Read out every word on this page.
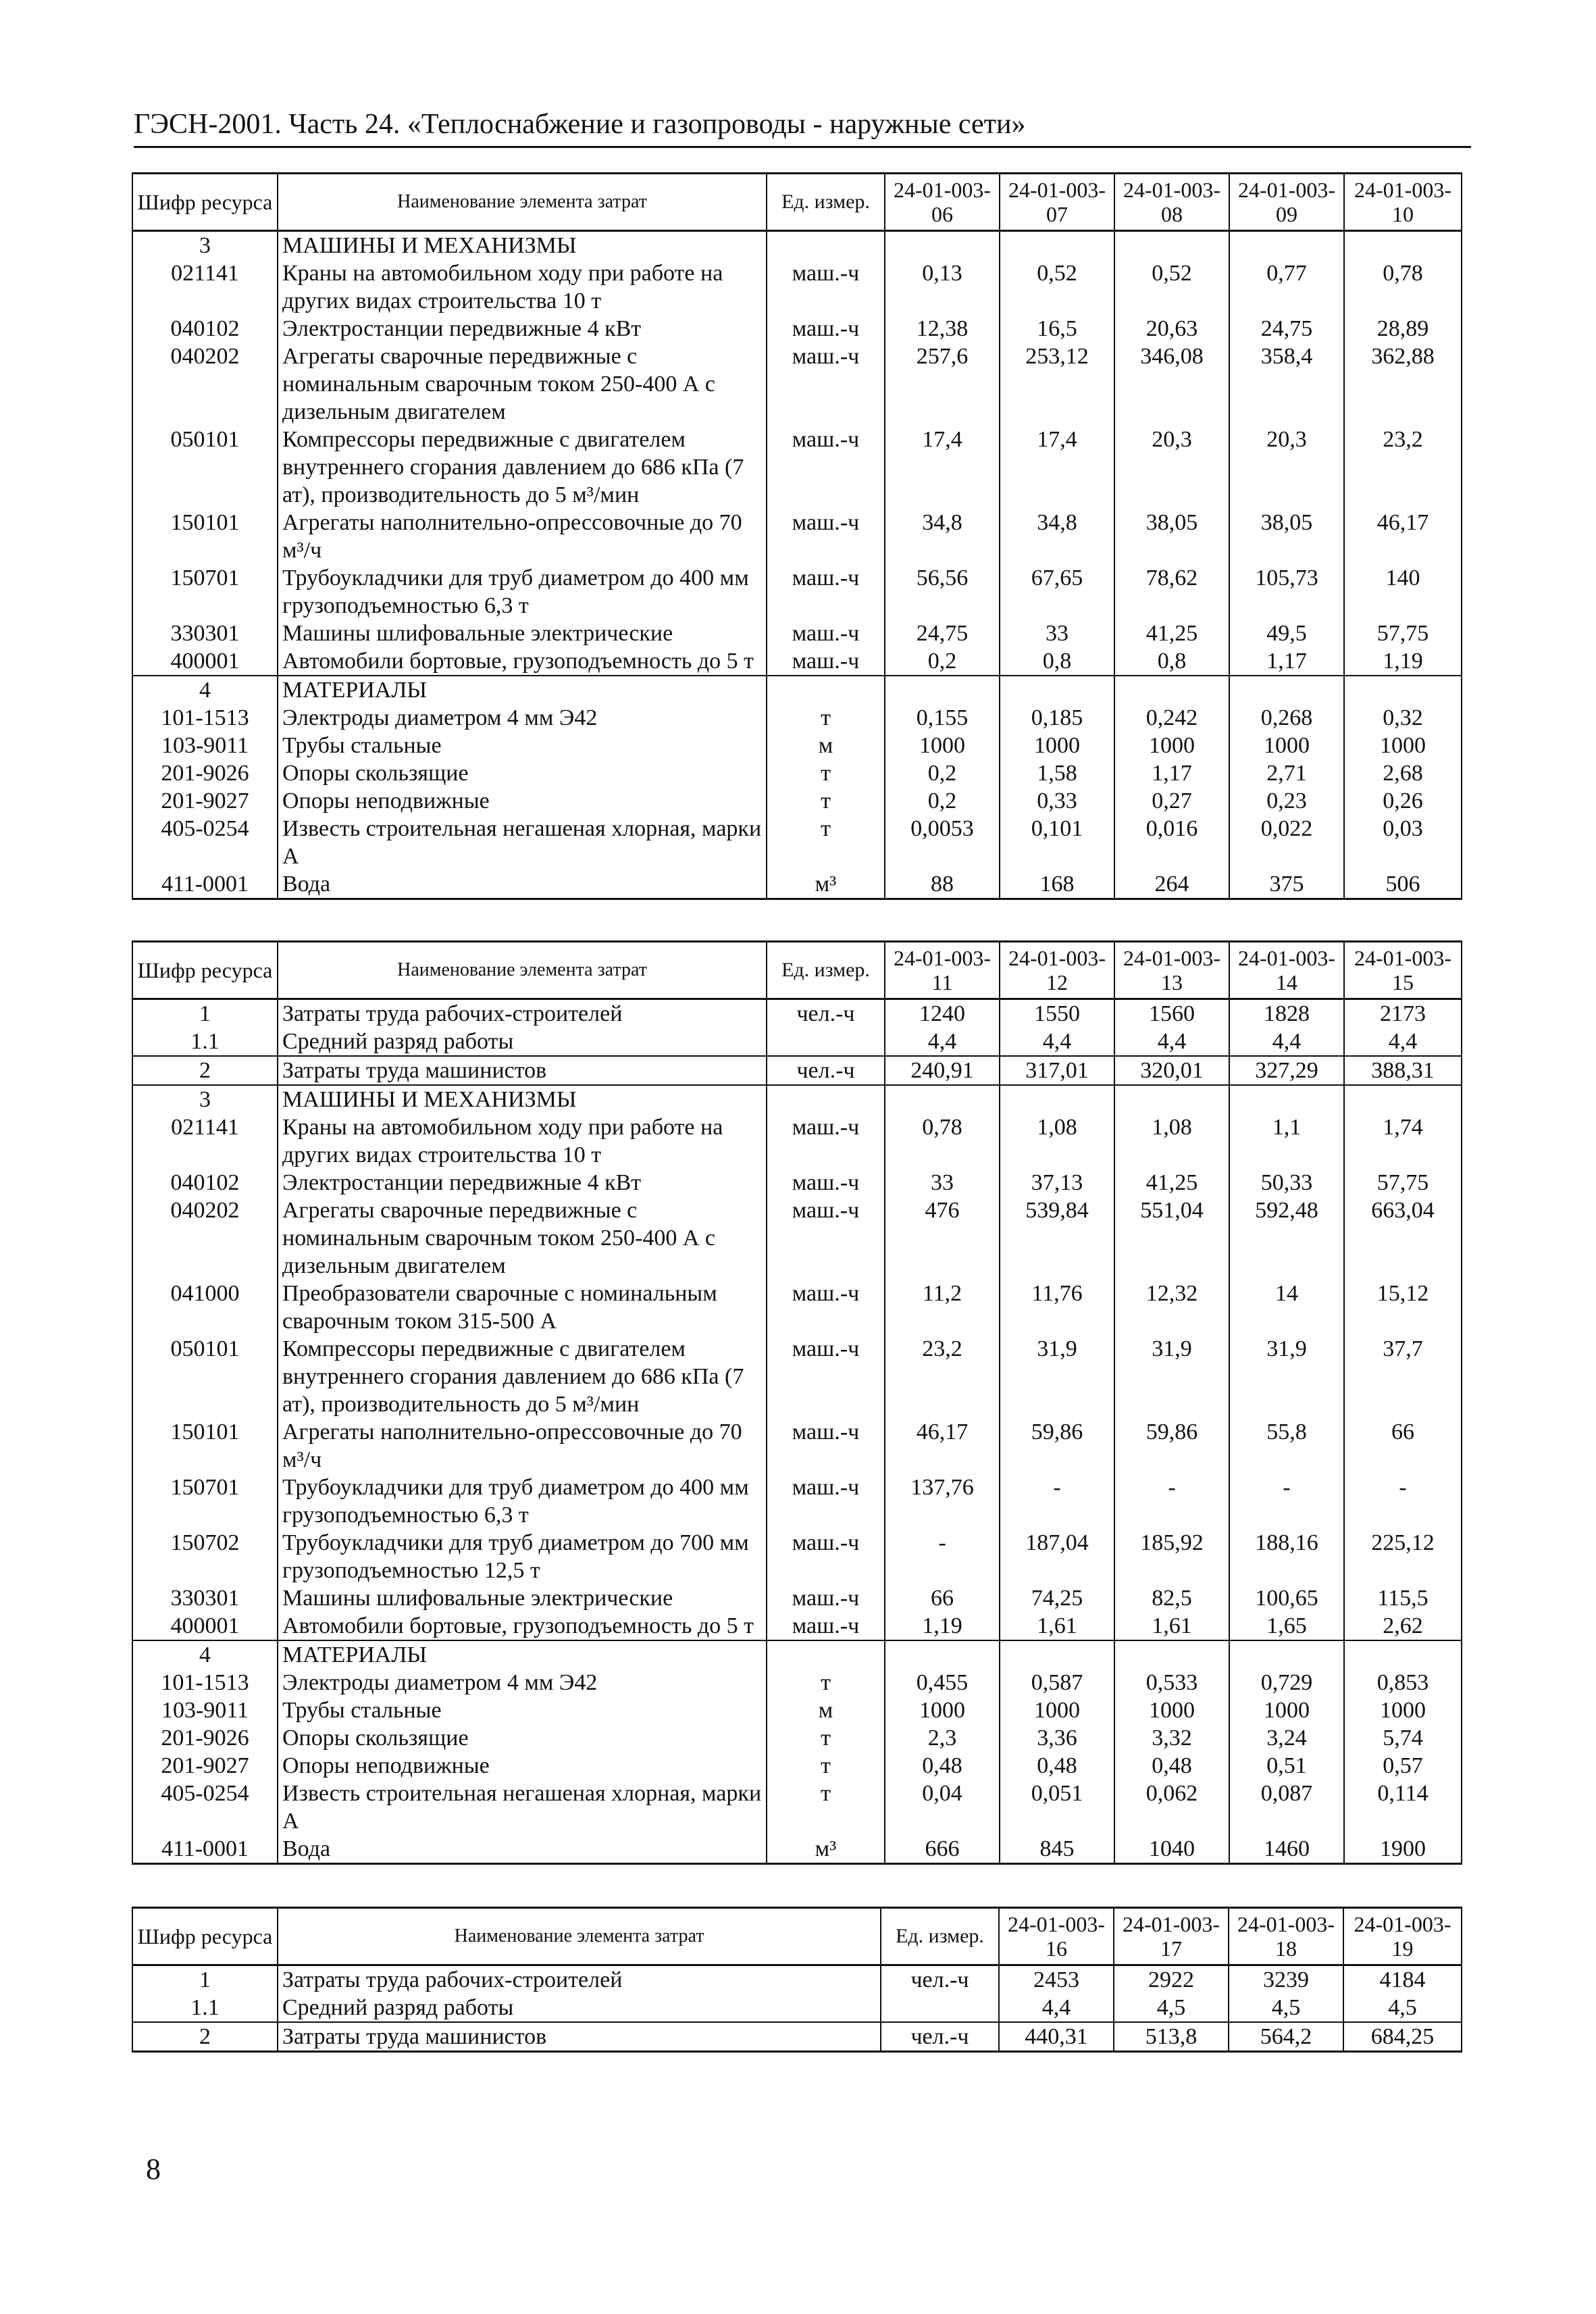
ГЭСН-2001. Часть 24. «Теплоснабжение и газопроводы - наружные сети»
Шифр ресурса	Наименование элемента затрат	Ед. измер.	24-01-003-06	24-01-003-07	24-01-003-08	24-01-003-09	24-01-003-10
3	МАШИНЫ И МЕХАНИЗМЫ						
021141	Краны на автомобильном ходу при работе на других видах строительства 10 т	маш.-ч	0,13	0,52	0,52	0,77	0,78
040102	Электростанции передвижные 4 кВт	маш.-ч	12,38	16,5	20,63	24,75	28,89
040202	Агрегаты сварочные передвижные с номинальным сварочным током 250-400 А с дизельным двигателем	маш.-ч	257,6	253,12	346,08	358,4	362,88
050101	Компрессоры передвижные с двигателем внутреннего сгорания давлением до 686 кПа (7 ат), производительность до 5 м³/мин	маш.-ч	17,4	17,4	20,3	20,3	23,2
150101	Агрегаты наполнительно-опрессовочные до 70 м³/ч	маш.-ч	34,8	34,8	38,05	38,05	46,17
150701	Трубоукладчики для труб диаметром до 400 мм грузоподъемностью 6,3 т	маш.-ч	56,56	67,65	78,62	105,73	140
330301	Машины шлифовальные электрические	маш.-ч	24,75	33	41,25	49,5	57,75
400001	Автомобили бортовые, грузоподъемность до 5 т	маш.-ч	0,2	0,8	0,8	1,17	1,19
4	МАТЕРИАЛЫ						
101-1513	Электроды диаметром 4 мм Э42	т	0,155	0,185	0,242	0,268	0,32
103-9011	Трубы стальные	м	1000	1000	1000	1000	1000
201-9026	Опоры скользящие	т	0,2	1,58	1,17	2,71	2,68
201-9027	Опоры неподвижные	т	0,2	0,33	0,27	0,23	0,26
405-0254	Известь строительная негашеная хлорная, марки А	т	0,0053	0,101	0,016	0,022	0,03
411-0001	Вода	м³	88	168	264	375	506
Шифр ресурса	Наименование элемента затрат	Ед. измер.	24-01-003-11	24-01-003-12	24-01-003-13	24-01-003-14	24-01-003-15
1	Затраты труда рабочих-строителей	чел.-ч	1240	1550	1560	1828	2173
1.1	Средний разряд работы		4,4	4,4	4,4	4,4	4,4
2	Затраты труда машинистов	чел.-ч	240,91	317,01	320,01	327,29	388,31
3	МАШИНЫ И МЕХАНИЗМЫ						
021141	Краны на автомобильном ходу при работе на других видах строительства 10 т	маш.-ч	0,78	1,08	1,08	1,1	1,74
040102	Электростанции передвижные 4 кВт	маш.-ч	33	37,13	41,25	50,33	57,75
040202	Агрегаты сварочные передвижные с номинальным сварочным током 250-400 А с дизельным двигателем	маш.-ч	476	539,84	551,04	592,48	663,04
041000	Преобразователи сварочные с номинальным сварочным током 315-500 А	маш.-ч	11,2	11,76	12,32	14	15,12
050101	Компрессоры передвижные с двигателем внутреннего сгорания давлением до 686 кПа (7 ат), производительность до 5 м³/мин	маш.-ч	23,2	31,9	31,9	31,9	37,7
150101	Агрегаты наполнительно-опрессовочные до 70 м³/ч	маш.-ч	46,17	59,86	59,86	55,8	66
150701	Трубоукладчики для труб диаметром до 400 мм грузоподъемностью 6,3 т	маш.-ч	137,76	-	-	-	-
150702	Трубоукладчики для труб диаметром до 700 мм грузоподъемностью 12,5 т	маш.-ч	-	187,04	185,92	188,16	225,12
330301	Машины шлифовальные электрические	маш.-ч	66	74,25	82,5	100,65	115,5
400001	Автомобили бортовые, грузоподъемность до 5 т	маш.-ч	1,19	1,61	1,61	1,65	2,62
4	МАТЕРИАЛЫ						
101-1513	Электроды диаметром 4 мм Э42	т	0,455	0,587	0,533	0,729	0,853
103-9011	Трубы стальные	м	1000	1000	1000	1000	1000
201-9026	Опоры скользящие	т	2,3	3,36	3,32	3,24	5,74
201-9027	Опоры неподвижные	т	0,48	0,48	0,48	0,51	0,57
405-0254	Известь строительная негашеная хлорная, марки А	т	0,04	0,051	0,062	0,087	0,114
411-0001	Вода	м³	666	845	1040	1460	1900
Шифр ресурса	Наименование элемента затрат	Ед. измер.	24-01-003-16	24-01-003-17	24-01-003-18	24-01-003-19
1	Затраты труда рабочих-строителей	чел.-ч	2453	2922	3239	4184
1.1	Средний разряд работы		4,4	4,5	4,5	4,5
2	Затраты труда машинистов	чел.-ч	440,31	513,8	564,2	684,25
8
